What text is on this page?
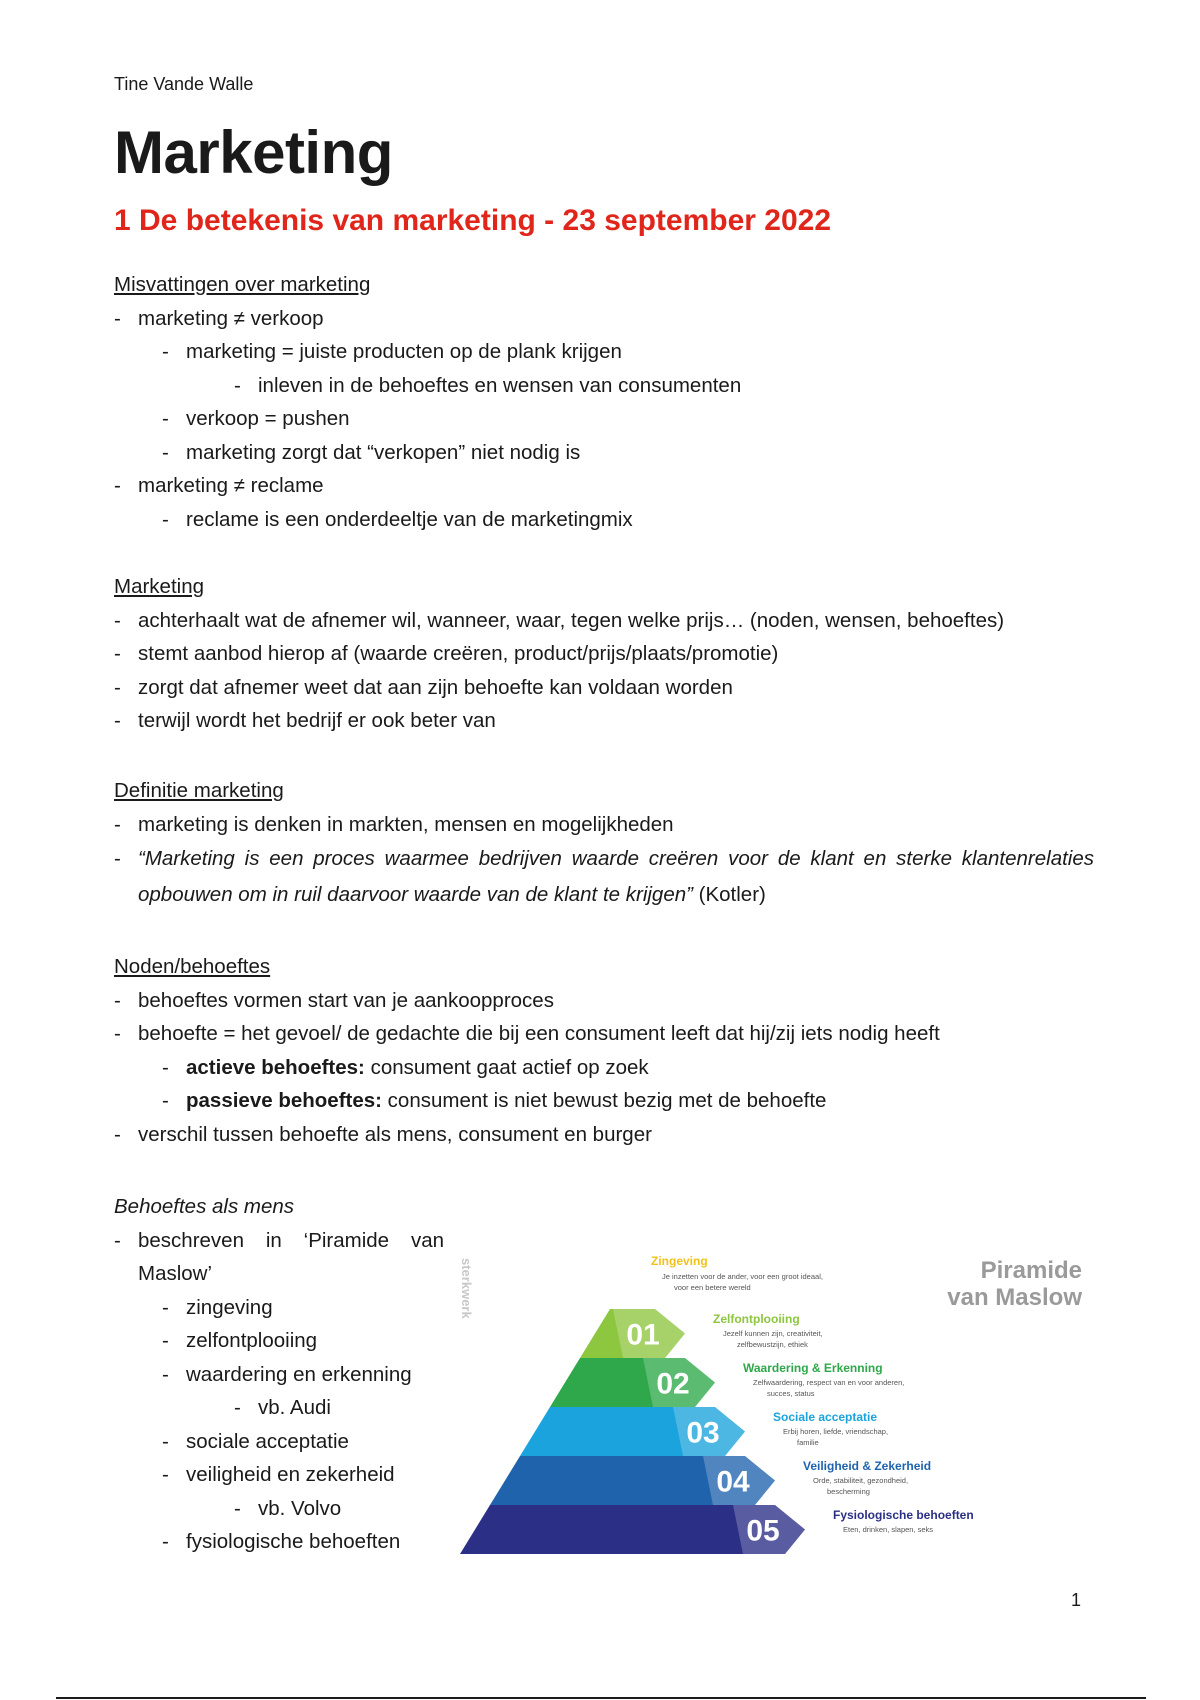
Tine Vande Walle
Marketing
1 De betekenis van marketing - 23 september 2022
Misvattingen over marketing
- marketing ≠ verkoop
- marketing = juiste producten op de plank krijgen
- inleven in de behoeftes en wensen van consumenten
- verkoop = pushen
- marketing zorgt dat “verkopen” niet nodig is
- marketing ≠ reclame
- reclame is een onderdeeltje van de marketingmix
Marketing
- achterhaalt wat de afnemer wil, wanneer, waar, tegen welke prijs… (noden, wensen, behoeftes)
- stemt aanbod hierop af (waarde creëren, product/prijs/plaats/promotie)
- zorgt dat afnemer weet dat aan zijn behoefte kan voldaan worden
- terwijl wordt het bedrijf er ook beter van
Definitie marketing
- marketing is denken in markten, mensen en mogelijkheden
- “Marketing is een proces waarmee bedrijven waarde creëren voor de klant en sterke klantenrelaties opbouwen om in ruil daarvoor waarde van de klant te krijgen” (Kotler)
Noden/behoeftes
- behoeftes vormen start van je aankoopproces
- behoefte = het gevoel/ de gedachte die bij een consument leeft dat hij/zij iets nodig heeft
- actieve behoeftes: consument gaat actief op zoek
- passieve behoeftes: consument is niet bewust bezig met de behoefte
- verschil tussen behoefte als mens, consument en burger
Behoeftes als mens
- beschreven in ‘Piramide van Maslow’
- zingeving
- zelfontplooiing
- waardering en erkenning
- vb. Audi
- sociale acceptatie
- veiligheid en zekerheid
- vb. Volvo
- fysiologische behoeften
sterkwerk	Piramide
van Maslow
Zingeving
Je inzetten voor de ander, voor een groot ideaal,
voor een betere wereld
01	Zelfontplooiing
Jezelf kunnen zijn, creativiteit,
zelfbewustzijn, ethiek
02	Waardering & Erkenning
Zelfwaardering, respect van en voor anderen,
succes, status
03	Sociale acceptatie
Erbij horen, liefde, vriendschap,
familie
04	Veiligheid & Zekerheid
Orde, stabiliteit, gezondheid,
bescherming
05	Fysiologische behoeften
Eten, drinken, slapen, seks
1
